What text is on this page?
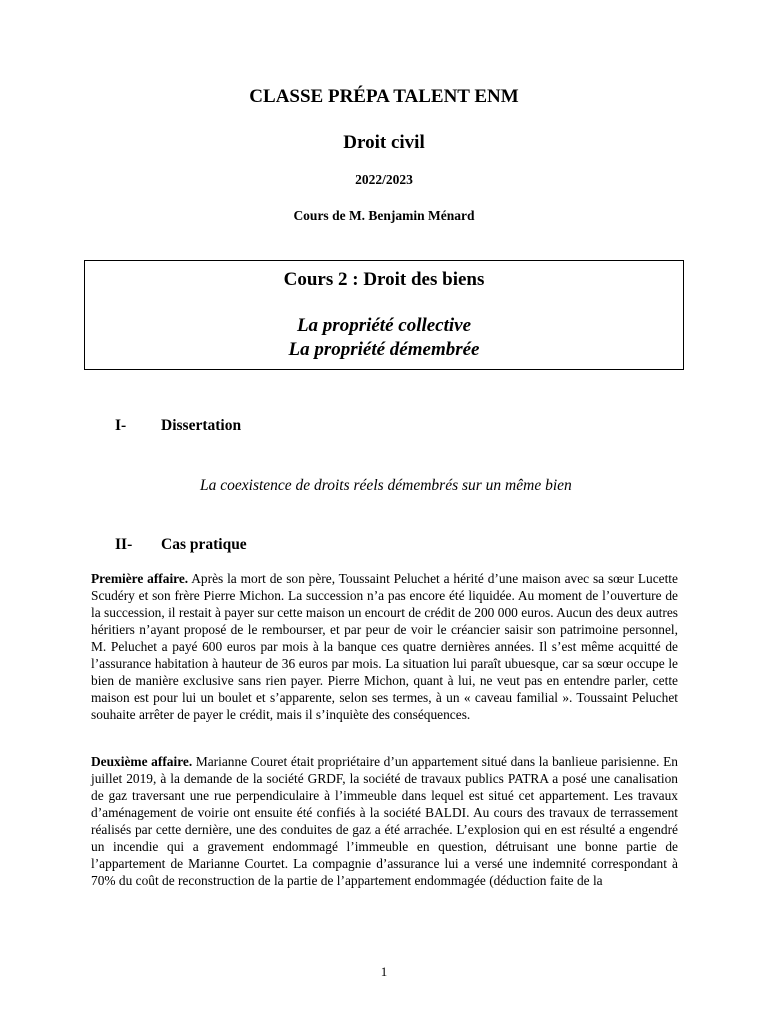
CLASSE PRÉPA TALENT ENM
Droit civil

2022/2023

Cours de M. Benjamin Ménard

Cours 2 : Droit des biens

La propriété collective

La propriété démembrée

I- Dissertation

La coexistence de droits réels démembrés sur un même bien

II- Cas pratique

Première affaire. Après la mort de son père, Toussaint Peluchet a hérité d’une maison avec sa sœur Lucette Scudéry et son frère Pierre Michon. La succession n’a pas encore été liquidée. Au moment de l’ouverture de la succession, il restait à payer sur cette maison un encourt de crédit de 200 000 euros. Aucun des deux autres héritiers n’ayant proposé de le rembourser, et par peur de voir le créancier saisir son patrimoine personnel, M. Peluchet a payé 600 euros par mois à la banque ces quatre dernières années. Il s’est même acquitté de l’assurance habitation à hauteur de 36 euros par mois. La situation lui paraît ubuesque, car sa sœur occupe le bien de manière exclusive sans rien payer. Pierre Michon, quant à lui, ne veut pas en entendre parler, cette maison est pour lui un boulet et s’apparente, selon ses termes, à un « caveau familial ». Toussaint Peluchet souhaite arrêter de payer le crédit, mais il s’inquiète des conséquences.

Deuxième affaire. Marianne Couret était propriétaire d’un appartement situé dans la banlieue parisienne. En juillet 2019, à la demande de la société GRDF, la société de travaux publics PATRA a posé une canalisation de gaz traversant une rue perpendiculaire à l’immeuble dans lequel est situé cet appartement. Les travaux d’aménagement de voirie ont ensuite été confiés à la société BALDI. Au cours des travaux de terrassement réalisés par cette dernière, une des conduites de gaz a été arrachée. L’explosion qui en est résulté a engendré un incendie qui a gravement endommagé l’immeuble en question, détruisant une bonne partie de l’appartement de Marianne Courtet. La compagnie d’assurance lui a versé une indemnité correspondant à 70% du coût de reconstruction de la partie de l’appartement endommagée (déduction faite de la

1
